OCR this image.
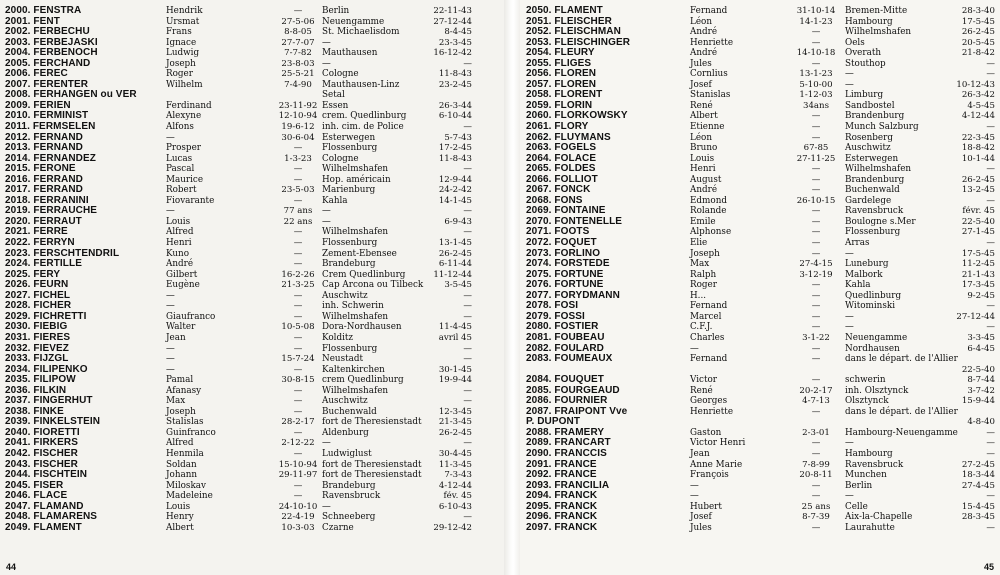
2000. FENSTRA	Hendrik	—	Berlin	22-11-43
2001. FENT	Ursmat	27-5-06 Neuengamme	27-12-44
2002. FERBECHU	Frans	8-8-05	St. Michaelisdom	8-4-45
2003. FERBEJASKI	Ignace	27-7-07 —	23-3-45
2004. FERBENOCH	Ludwig	7-7-82	Mauthausen	16-12-42
2005. FERCHAND	Joseph	23-8-03 —	—
2006. FEREC	Roger	25-5-21 Cologne	11-8-43
2007. FERENTER	Wilhelm	7-4-90	Mauthausen-Linz	23-2-45
2008. FERHANGEN ou VER	Setal
2009. FERIEN	Ferdinand	23-11-92 Essen	26-3-44
2010. FERMINIST	Alexyne	12-10-94 crem. Quedlinburg	6-10-44
2011. FERMSELEN	Alfons	19-6-12 inh. cim. de Police	—
2012. FERNAND	—	30-6-04 Esterwegen	5-7-43
2013. FERNAND	Prosper	—	Flossenburg	17-2-45
2014. FERNANDEZ	Lucas	1-3-23	Cologne	11-8-43
2015. FERONE	Pascal	—	Wilhelmshafen	—
2016. FERRAND	Maurice	—	Hop. américain	12-9-44
2017. FERRAND	Robert	23-5-03 Marienburg	24-2-42
2018. FERRANINI	Fiovarante	—	Kahla	14-1-45
2019. FERRAUCHE	—	77 ans	—	—
2020. FERRAUT	Louis	22 ans	—	6-9-43
2021. FERRE	Alfred	—	Wilhelmshafen	—
2022. FERRYN	Henri	—	Flossenburg	13-1-45
2023. FERSCHTENDRIL	Kuno	—	Zement-Ebensee	26-2-45
2024. FERTILLE	André	—	Brandeburg	6-11-44
2025. FERY	Gilbert	16-2-26 Crem Quedlinburg	11-12-44
2026. FEURN	Eugène	21-3-25 Cap Arcona ou Tilbeck	3-5-45
2027. FICHEL	—	—	Auschwitz	—
2028. FICHER	—	—	inh. Schwerin	—
2029. FICHRETTI	Giaufranco	—	Wilhelmshafen	—
2030. FIEBIG	Walter	10-5-08 Dora-Nordhausen	11-4-45
2031. FIERES	Jean	—	Kolditz	avril 45
2032. FIEVEZ	—	—	Flossenburg	—
2033. FIJZGL	—	15-7-24 Neustadt	—
2034. FILIPENKO	—	—	Kaltenkirchen	30-1-45
2035. FILIPOW	Pamal	30-8-15 crem Quedlinburg	19-9-44
2036. FILKIN	Afanasy	—	Wilhelmshafen	—
2037. FINGERHUT	Max	—	Auschwitz	—
2038. FINKE	Joseph	—	Buchenwald	12-3-45
2039. FINKELSTEIN	Stalislas	28-2-17 fort de Theresienstadt	21-3-45
2040. FIORETTI	Guinfranco	—	Aldenburg	26-2-45
2041. FIRKERS	Alfred	2-12-22 —	—
2042. FISCHER	Henmila	—	Ludwiglust	30-4-45
2043. FISCHER	Soldan	15-10-94 fort de Theresienstadt	11-3-45
2044. FISCHTEIN	Johann	29-11-97 fort de Theresienstadt	7-3-43
2045. FISER	Miloskav	—	Brandeburg	4-12-44
2046. FLACE	Madeleine	—	Ravensbruck	fév. 45
2047. FLAMAND	Louis	24-10-10 —	6-10-43
2048. FLAMARENS	Henry	22-4-19 Schneeberg	—
2049. FLAMENT	Albert	10-3-03 Czarne	29-12-42
44
2050. FLAMENT	Fernand	31-10-14	Bremen-Mitte	28-3-40
2051. FLEISCHER	Léon	14-1-23	Hambourg	17-5-45
2052. FLEISCHMAN	André	—	Wilhelmshafen	26-2-45
2053. FLEISCHINGER	Henriette	—	Oels	20-5-45
2054. FLEURY	André	14-10-18	Overath	21-8-42
2055. FLIGES	Jules	—	Stouthop	—
2056. FLOREN	Cornlius	13-1-23	—	—
2057. FLOREN	Josef	5-10-00	—	10-12-43
2058. FLORENT	Stanislas	1-12-03	Limburg	26-3-42
2059. FLORIN	René	34ans	Sandbostel	4-5-45
2060. FLORKOWSKY	Albert	—	Brandenburg	4-12-44
2061. FLORY	Etienne	—	Munch Salzburg	—
2062. FLUYMANS	Léon	—	Rosenberg	22-3-45
2063. FOGELS	Bruno	67-85	Auschwitz	18-8-42
2064. FOLACE	Louis	27-11-25	Esterwegen	10-1-44
2065. FOLDES	Henri	—	Wilhelmshafen	—
2066. FOLLIOT	August	—	Brandenburg	26-2-45
2067. FONCK	André	—	Buchenwald	13-2-45
2068. FONS	Edmond	26-10-15	Gardelege	—
2069. FONTAINE	Rolande	—	Ravensbruck	févr. 45
2070. FONTENELLE	Emile	—	Boulogne s.Mer	22-5-40
2071. FOOTS	Alphonse	—	Flossenburg	27-1-45
2072. FOQUET	Elie	—	Arras	—
2073. FORLINO	Joseph	—	—	17-5-45
2074. FORSTEDE	Max	27-4-15	Luneburg	11-2-45
2075. FORTUNE	Ralph	3-12-19	Malbork	21-1-43
2076. FORTUNE	Roger	—	Kahla	17-3-45
2077. FORYDMANN	H...	—	Quedlinburg	9-2-45
2078. FOSI	Fernand	—	Witominski	—
2079. FOSSI	Marcel	—	—	27-12-44
2080. FOSTIER	C.F.J.	—	—	—
2081. FOUBEAU	Charles	3-1-22	Neuengamme	3-3-45
2082. FOULARD	—	—	Nordhausen	6-4-45
2083. FOUMEAUX	Fernand	—	dans le départ. de l'Allier
22-5-40
2084. FOUQUET	Victor	—	schwerin	8-7-44
2085. FOURGEAUD	René	20-2-17	inh. Olsztynck	3-7-42
2086. FOURNIER	Georges	4-7-13	Olsztynck	15-9-44
2087. FRAIPONT Vve	Henriette	—	dans le départ. de l'Allier
P. DUPONT	4-8-40
2088. FRAMERY	Gaston	2-3-01	Hambourg-Neuengamme	—
2089. FRANCART	Victor Henri	—	—	—
2090. FRANCCIS	Jean	—	Hambourg	—
2091. FRANCE	Anne Marie	7-8-99	Ravensbruck	27-2-45
2092. FRANCE	François	20-8-11	Munchen	18-3-44
2093. FRANCILIA	—	—	Berlin	27-4-45
2094. FRANCK	—	—	—	—
2095. FRANCK	Hubert	25 ans	Celle	15-4-45
2096. FRANCK	Josef	8-7-39	Aix-la-Chapelle	28-3-45
2097. FRANCK	Jules	—	Laurahutte	—
45
